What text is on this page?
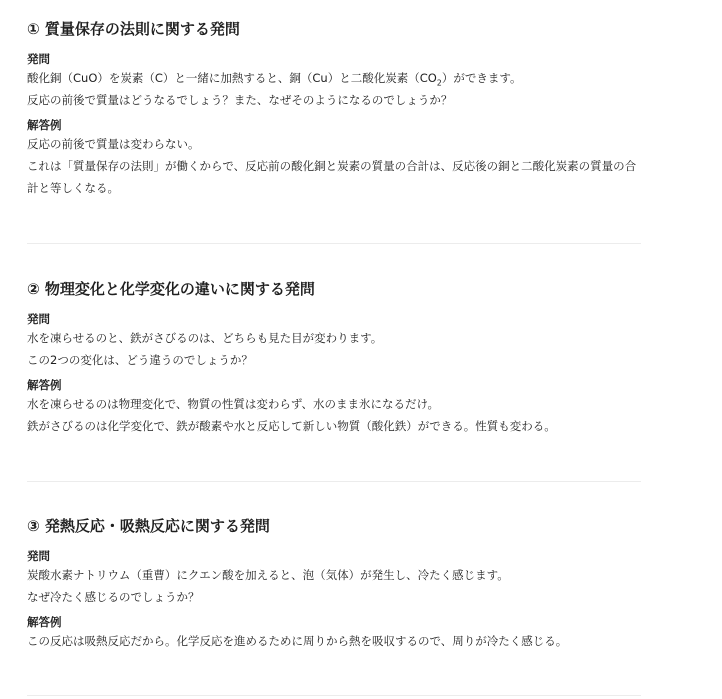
① 質量保存の法則に関する発問
発問

酸化銅（CuO）を炭素（C）と一緒に加熱すると、銅（Cu）と二酸化炭素$(CO_2)$ができます。

反応の前後で質量はどうなるでしょう？また、なぜそのようになるのでしょうか？

解答例

反応の前後で質量は変わらない。

これは「質量保存の法則」が働くからで、反応前の酸化銅と炭素の質量の合計は、反応後の銅と二酸化炭素の質量の合計と等しくなる。

② 物理変化と化学変化の違いに関する発問
発問

水を凍らせるのと、鉄がさびるのは、どちらも見た目が変わります。

この2つの変化は、どう違うのでしょうか？

解答例

水を凍らせるのは物理変化で、物質の性質は変わらず、水のまま氷になるだけ。

鉄がさびるのは化学変化で、鉄が酸素や水と反応して新しい物質（酸化鉄）ができる。性質も変わる。

③ 発熱反応・吸熱反応に関する発問
発問

炭酸水素ナトリウム（重曹）にクエン酸を加えると、泡（気体）が発生し、冷たく感じます。

なぜ冷たく感じるのでしょうか？

解答例

この反応は吸熱反応だから。化学反応を進めるために周りから熱を吸収するので、周りが冷たく感じる。
